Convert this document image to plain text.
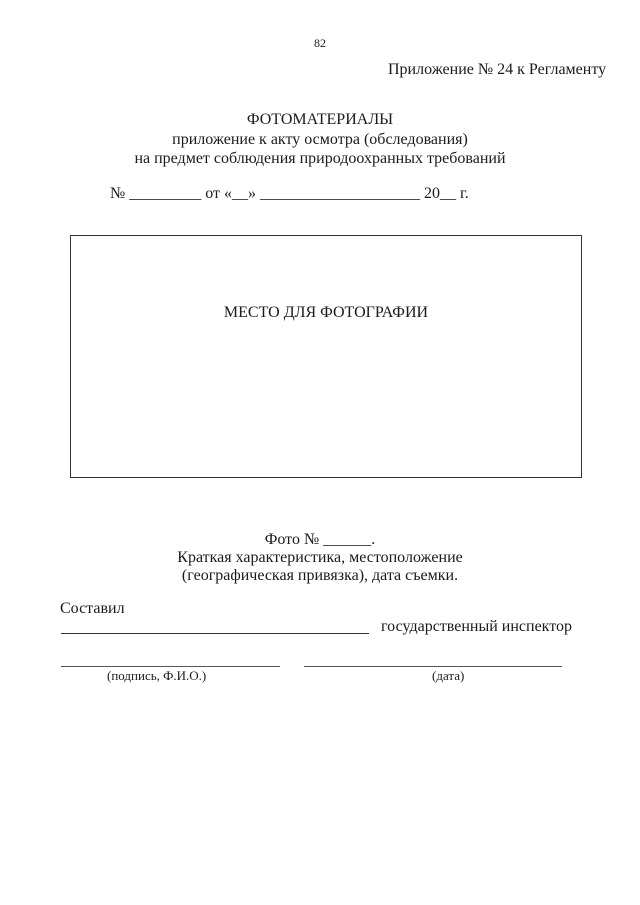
82
Приложение № 24 к Регламенту
ФОТОМАТЕРИАЛЫ
приложение к акту осмотра (обследования)
на предмет соблюдения природоохранных требований
№ _________ от «__» ____________________ 20__ г.
МЕСТО ДЛЯ ФОТОГРАФИИ
Фото № ______.
Краткая характеристика, местоположение
(географическая привязка), дата съемки.
Составил
государственный инспектор
(подпись, Ф.И.О.)	(дата)
